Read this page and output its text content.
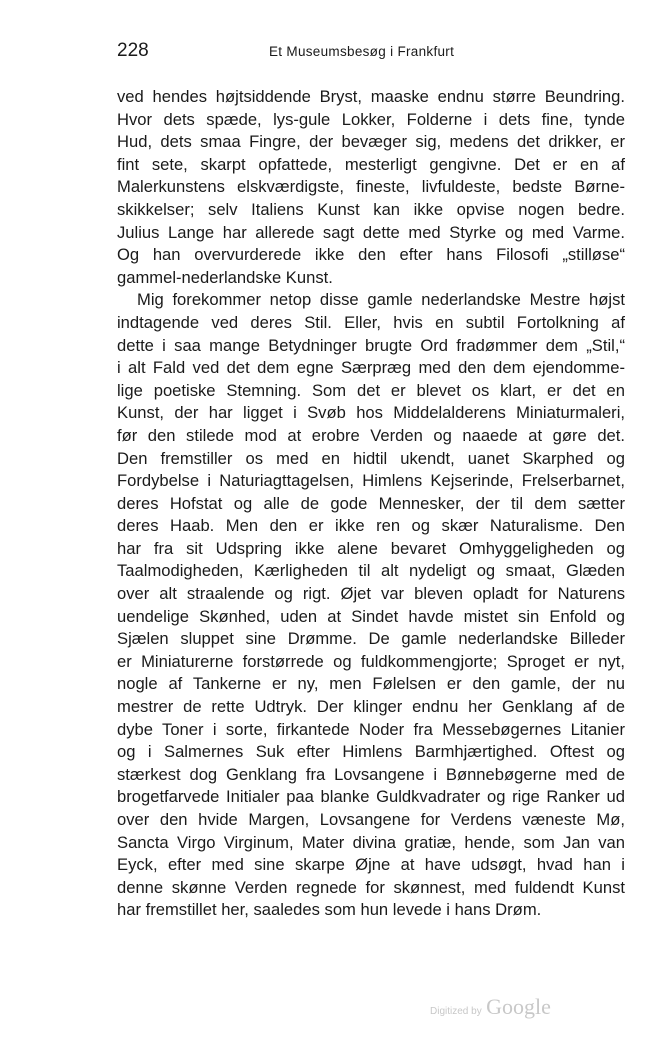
228	Et Museumsbesøg i Frankfurt
ved hendes højtsiddende Bryst, maaske endnu større Beundring.
Hvor dets spæde, lys-gule Lokker, Folderne i dets fine, tynde
Hud, dets smaa Fingre, der bevæger sig, medens det drikker, er
fint sete, skarpt opfattede, mesterligt gengivne. Det er en af
Malerkunstens elskværdigste, fineste, livfuldeste, bedste Børne-
skikkelser; selv Italiens Kunst kan ikke opvise nogen bedre.
Julius Lange har allerede sagt dette med Styrke og med Varme.
Og han overvurderede ikke den efter hans Filosofi „stilløse“
gammel-nederlandske Kunst.
Mig forekommer netop disse gamle nederlandske Mestre højst
indtagende ved deres Stil. Eller, hvis en subtil Fortolkning af
dette i saa mange Betydninger brugte Ord fradømmer dem „Stil,“
i alt Fald ved det dem egne Særpræg med den dem ejendomme-
lige poetiske Stemning. Som det er blevet os klart, er det en
Kunst, der har ligget i Svøb hos Middelalderens Miniaturmaleri,
før den stilede mod at erobre Verden og naaede at gøre det.
Den fremstiller os med en hidtil ukendt, uanet Skarphed og
Fordybelse i Naturiagttagelsen, Himlens Kejserinde, Frelserbarnet,
deres Hofstat og alle de gode Mennesker, der til dem sætter
deres Haab. Men den er ikke ren og skær Naturalisme. Den
har fra sit Udspring ikke alene bevaret Omhyggeligheden og
Taalmodigheden, Kærligheden til alt nydeligt og smaat, Glæden
over alt straalende og rigt. Øjet var bleven opladt for Naturens
uendelige Skønhed, uden at Sindet havde mistet sin Enfold og
Sjælen sluppet sine Drømme. De gamle nederlandske Billeder
er Miniaturerne forstørrede og fuldkommengjorte; Sproget er nyt,
nogle af Tankerne er ny, men Følelsen er den gamle, der nu
mestrer de rette Udtryk. Der klinger endnu her Genklang af de
dybe Toner i sorte, firkantede Noder fra Messebøgernes Litanier
og i Salmernes Suk efter Himlens Barmhjærtighed. Oftest og
stærkest dog Genklang fra Lovsangene i Bønnebøgerne med de
brogetfarvede Initialer paa blanke Guldkvadrater og rige Ranker ud
over den hvide Margen, Lovsangene for Verdens væneste Mø,
Sancta Virgo Virginum, Mater divina gratiæ, hende, som Jan van
Eyck, efter med sine skarpe Øjne at have udsøgt, hvad han i
denne skønne Verden regnede for skønnest, med fuldendt Kunst
har fremstillet her, saaledes som hun levede i hans Drøm.
Digitized by Google
